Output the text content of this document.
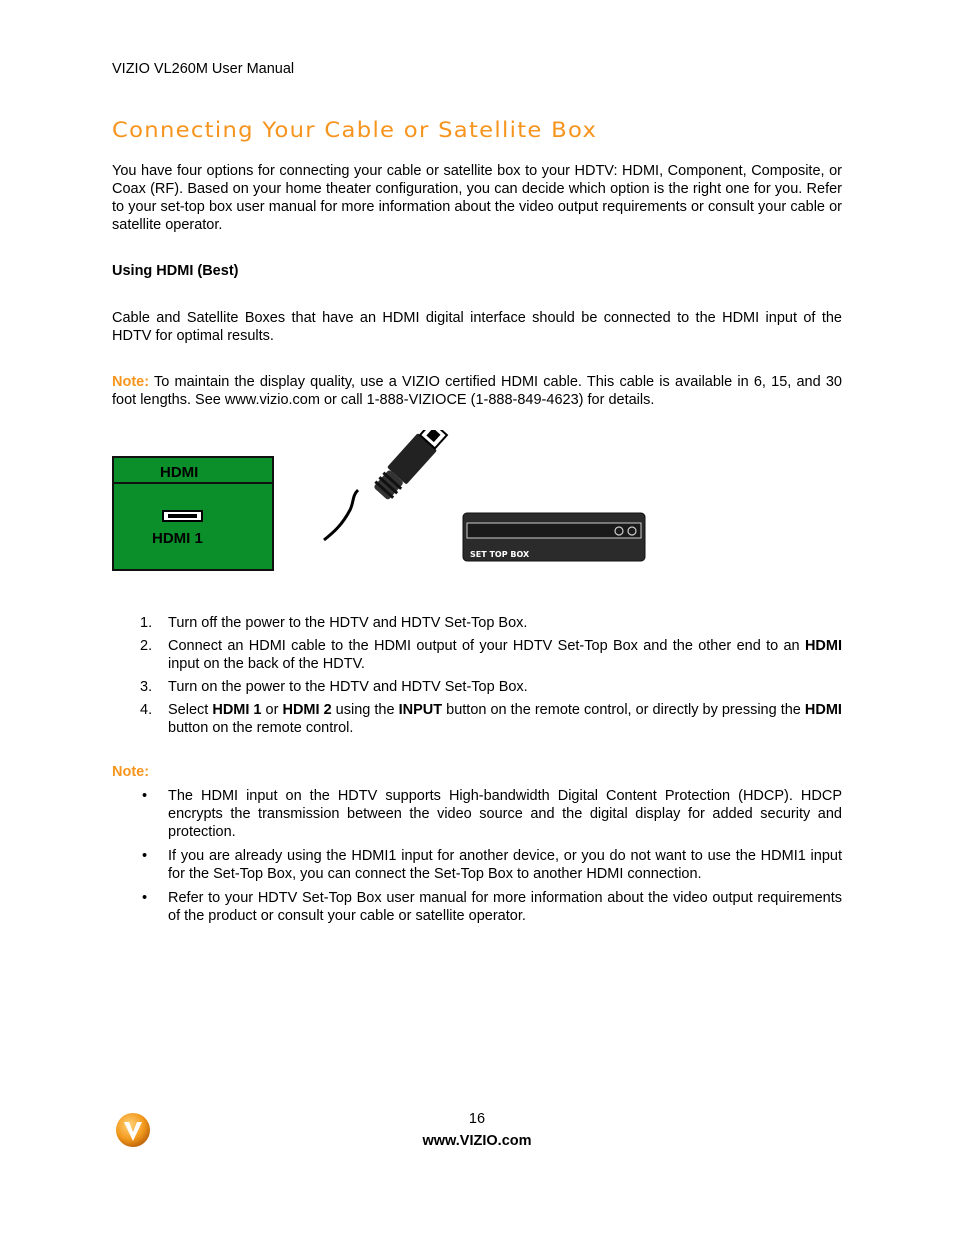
VIZIO VL260M User Manual
Connecting Your Cable or Satellite Box

You have four options for connecting your cable or satellite box to your HDTV: HDMI, Component, Composite, or Coax (RF). Based on your home theater configuration, you can decide which option is the right one for you. Refer to your set-top box user manual for more information about the video output requirements or consult your cable or satellite operator.

Using HDMI (Best)

Cable and Satellite Boxes that have an HDMI digital interface should be connected to the HDMI input of the HDTV for optimal results.

Note: To maintain the display quality, use a VIZIO certified HDMI cable. This cable is available in 6, 15, and 30 foot lengths. See www.vizio.com or call 1-888-VIZIOCE (1-888-849-4623) for details.

HDMI
HDMI 1
SET TOP BOX
1. Turn off the power to the HDTV and HDTV Set-Top Box.
2. Connect an HDMI cable to the HDMI output of your HDTV Set-Top Box and the other end to an HDMI input on the back of the HDTV.
3. Turn on the power to the HDTV and HDTV Set-Top Box.
4. Select HDMI 1 or HDMI 2 using the INPUT button on the remote control, or directly by pressing the HDMI button on the remote control.
Note:
• The HDMI input on the HDTV supports High-bandwidth Digital Content Protection (HDCP). HDCP encrypts the transmission between the video source and the digital display for added security and protection.
• If you are already using the HDMI1 input for another device, or you do not want to use the HDMI1 input for the Set-Top Box, you can connect the Set-Top Box to another HDMI connection.
• Refer to your HDTV Set-Top Box user manual for more information about the video output requirements of the product or consult your cable or satellite operator.
16
www.VIZIO.com
